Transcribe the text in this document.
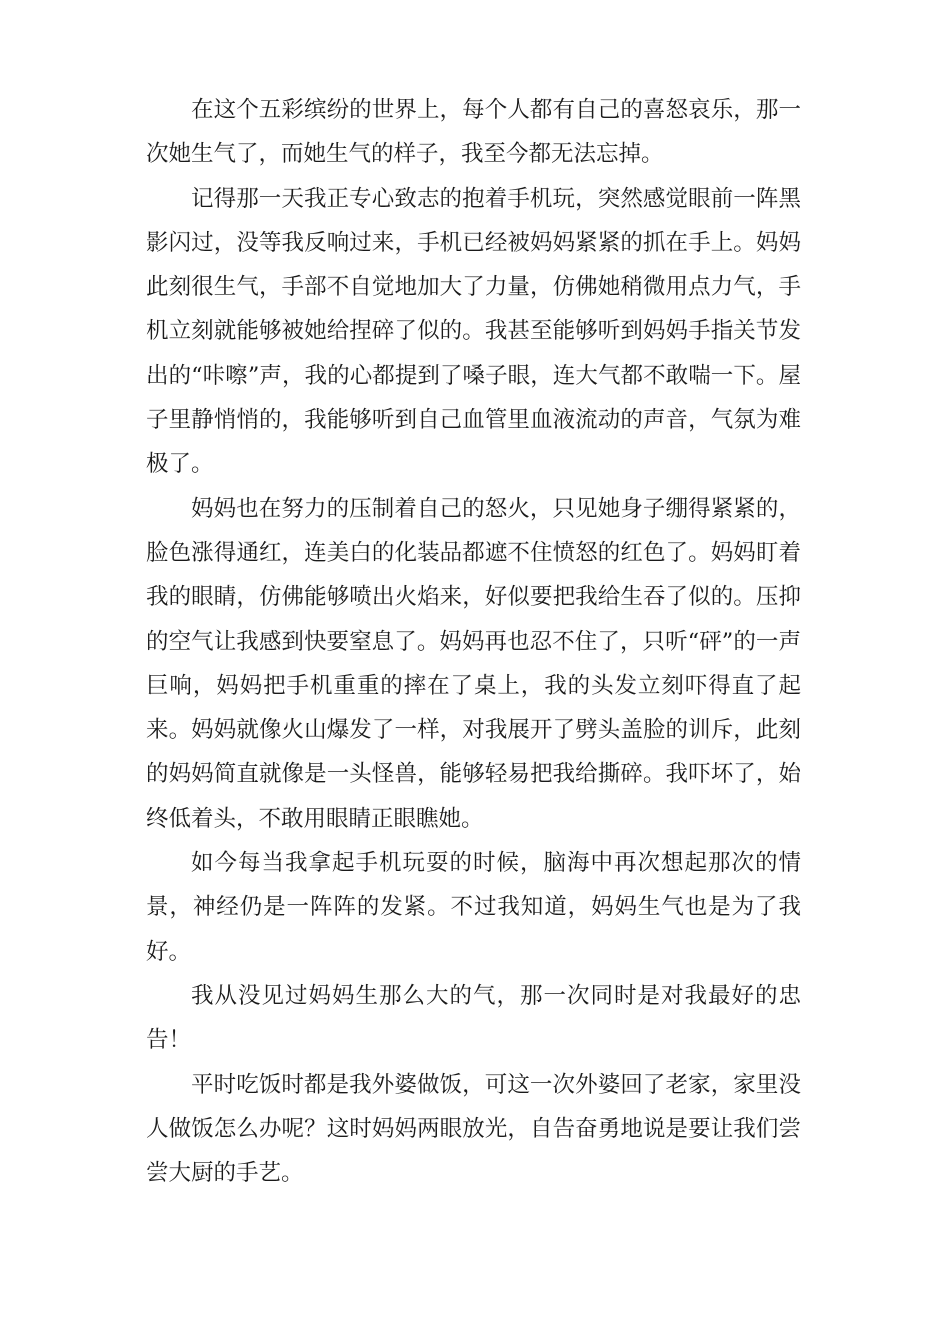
在这个五彩缤纷的世界上，每个人都有自己的喜怒哀乐，那一次她生气了，而她生气的样子，我至今都无法忘掉。

记得那一天我正专心致志的抱着手机玩，突然感觉眼前一阵黑影闪过，没等我反响过来，手机已经被妈妈紧紧的抓在手上。妈妈此刻很生气，手部不自觉地加大了力量，仿佛她稍微用点力气，手机立刻就能够被她给捏碎了似的。我甚至能够听到妈妈手指关节发出的“咔嚓”声，我的心都提到了嗓子眼，连大气都不敢喘一下。屋子里静悄悄的，我能够听到自己血管里血液流动的声音，气氛为难极了。

妈妈也在努力的压制着自己的怒火，只见她身子绷得紧紧的，脸色涨得通红，连美白的化装品都遮不住愤怒的红色了。妈妈盯着我的眼睛，仿佛能够喷出火焰来，好似要把我给生吞了似的。压抑的空气让我感到快要窒息了。妈妈再也忍不住了，只听“砰”的一声巨响，妈妈把手机重重的摔在了桌上，我的头发立刻吓得直了起来。妈妈就像火山爆发了一样，对我展开了劈头盖脸的训斥，此刻的妈妈简直就像是一头怪兽，能够轻易把我给撕碎。我吓坏了，始终低着头，不敢用眼睛正眼瞧她。

如今每当我拿起手机玩耍的时候，脑海中再次想起那次的情景，神经仍是一阵阵的发紧。不过我知道，妈妈生气也是为了我好。

我从没见过妈妈生那么大的气，那一次同时是对我最好的忠告！

平时吃饭时都是我外婆做饭，可这一次外婆回了老家，家里没人做饭怎么办呢？这时妈妈两眼放光，自告奋勇地说是要让我们尝尝大厨的手艺。
